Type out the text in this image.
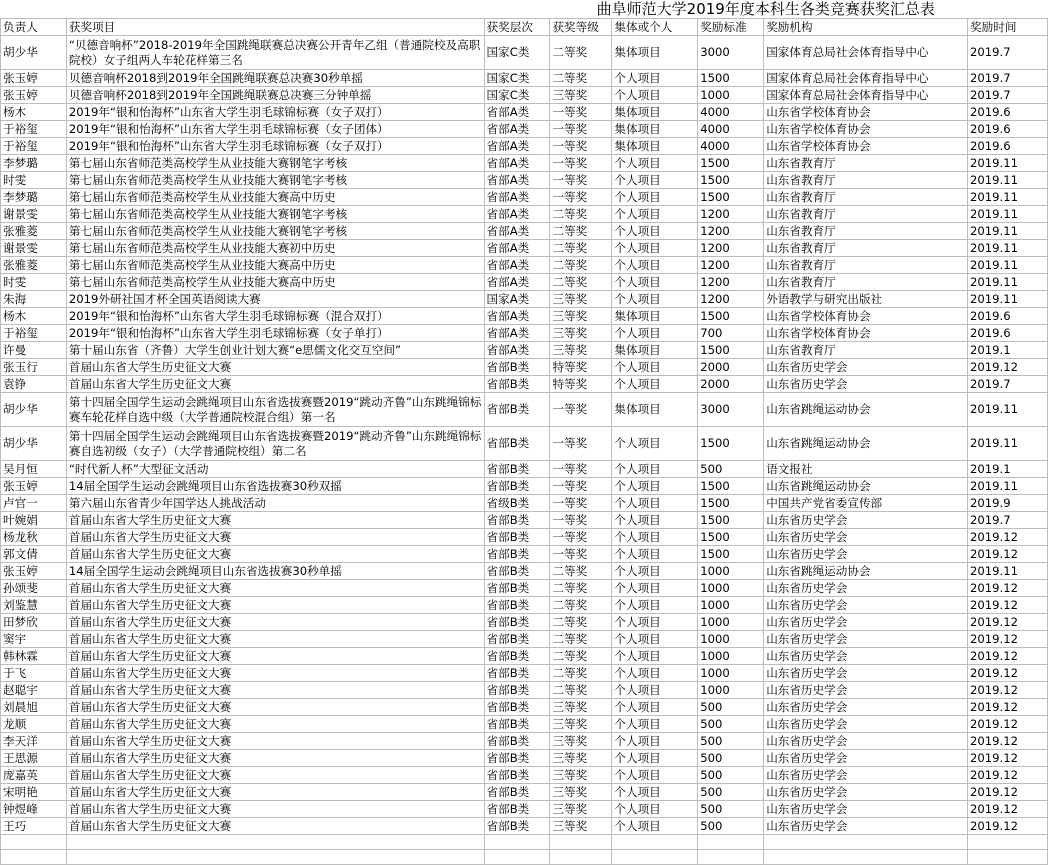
		曲阜师范大学2019年度本科生各类竞赛获奖汇总表					
负责人	获奖项目	获奖层次	获奖等级	集体或个人	奖励标准	奖励机构	奖励时间
胡少华	“贝德音响杯”2018-2019年全国跳绳联赛总决赛公开青年乙组（普通院校及高职院校）女子组两人车轮花样第三名	国家C类	二等奖	集体项目	3000	国家体育总局社会体育指导中心	2019.7
张玉婷	贝德音响杯2018到2019年全国跳绳联赛总决赛30秒单摇	国家C类	二等奖	个人项目	1500	国家体育总局社会体育指导中心	2019.7
张玉婷	贝德音响杯2018到2019年全国跳绳联赛总决赛三分钟单摇	国家C类	三等奖	个人项目	1000	国家体育总局社会体育指导中心	2019.7
杨木	2019年“银和怡海杯”山东省大学生羽毛球锦标赛（女子双打）	省部A类	一等奖	集体项目	4000	山东省学校体育协会	2019.6
于裕玺	2019年“银和怡海杯”山东省大学生羽毛球锦标赛（女子团体）	省部A类	一等奖	集体项目	4000	山东省学校体育协会	2019.6
于裕玺	2019年“银和怡海杯”山东省大学生羽毛球锦标赛（女子双打）	省部A类	一等奖	集体项目	4000	山东省学校体育协会	2019.6
李梦璐	第七届山东省师范类高校学生从业技能大赛钢笔字考核	省部A类	一等奖	个人项目	1500	山东省教育厅	2019.11
时雯	第七届山东省师范类高校学生从业技能大赛钢笔字考核	省部A类	一等奖	个人项目	1500	山东省教育厅	2019.11
李梦璐	第七届山东省师范类高校学生从业技能大赛高中历史	省部A类	一等奖	个人项目	1500	山东省教育厅	2019.11
谢景雯	第七届山东省师范类高校学生从业技能大赛钢笔字考核	省部A类	二等奖	个人项目	1200	山东省教育厅	2019.11
张雅菱	第七届山东省师范类高校学生从业技能大赛钢笔字考核	省部A类	二等奖	个人项目	1200	山东省教育厅	2019.11
谢景雯	第七届山东省师范类高校学生从业技能大赛初中历史	省部A类	二等奖	个人项目	1200	山东省教育厅	2019.11
张雅菱	第七届山东省师范类高校学生从业技能大赛高中历史	省部A类	二等奖	个人项目	1200	山东省教育厅	2019.11
时雯	第七届山东省师范类高校学生从业技能大赛高中历史	省部A类	二等奖	个人项目	1200	山东省教育厅	2019.11
朱海	2019外研社国才杯全国英语阅读大赛	国家A类	三等奖	个人项目	1200	外语教学与研究出版社	2019.11
杨木	2019年“银和怡海杯”山东省大学生羽毛球锦标赛（混合双打）	省部A类	三等奖	集体项目	1500	山东省学校体育协会	2019.6
于裕玺	2019年“银和怡海杯”山东省大学生羽毛球锦标赛（女子单打）	省部A类	三等奖	个人项目	700	山东省学校体育协会	2019.6
许曼	第十届山东省（齐鲁）大学生创业计划大赛“e思儒文化交互空间”	省部A类	三等奖	集体项目	1500	山东省教育厅	2019.1
张玉行	首届山东省大学生历史征文大赛	省部B类	特等奖	个人项目	2000	山东省历史学会	2019.12
袁铮	首届山东省大学生历史征文大赛	省部B类	特等奖	个人项目	2000	山东省历史学会	2019.7
胡少华	第十四届全国学生运动会跳绳项目山东省选拔赛暨2019“跳动齐鲁”山东跳绳锦标赛车轮花样自选中级（大学普通院校混合组）第一名	省部B类	一等奖	集体项目	3000	山东省跳绳运动协会	2019.11
胡少华	第十四届全国学生运动会跳绳项目山东省选拔赛暨2019“跳动齐鲁”山东跳绳锦标赛自选初级（女子）（大学普通院校组）第二名	省部B类	一等奖	个人项目	1500	山东省跳绳运动协会	2019.11
吴月恒	“时代新人杯”大型征文活动	省部B类	一等奖	个人项目	500	语文报社	2019.1
张玉婷	14届全国学生运动会跳绳项目山东省选拔赛30秒双摇	省部B类	一等奖	个人项目	1500	山东省跳绳运动协会	2019.11
卢官一	第六届山东省青少年国学达人挑战活动	省级B类	一等奖	个人项目	1500	中国共产党省委宣传部	2019.9
叶婉娟	首届山东省大学生历史征文大赛	省部B类	一等奖	个人项目	1500	山东省历史学会	2019.7
杨龙秋	首届山东省大学生历史征文大赛	省部B类	一等奖	个人项目	1500	山东省历史学会	2019.12
郭文倩	首届山东省大学生历史征文大赛	省部B类	一等奖	个人项目	1500	山东省历史学会	2019.12
张玉婷	14届全国学生运动会跳绳项目山东省选拔赛30秒单摇	省部B类	二等奖	个人项目	1000	山东省跳绳运动协会	2019.11
孙颂斐	首届山东省大学生历史征文大赛	省部B类	二等奖	个人项目	1000	山东省历史学会	2019.12
刘鉴慧	首届山东省大学生历史征文大赛	省部B类	二等奖	个人项目	1000	山东省历史学会	2019.12
田梦欣	首届山东省大学生历史征文大赛	省部B类	二等奖	个人项目	1000	山东省历史学会	2019.12
窦宇	首届山东省大学生历史征文大赛	省部B类	二等奖	个人项目	1000	山东省历史学会	2019.12
韩林霖	首届山东省大学生历史征文大赛	省部B类	二等奖	个人项目	1000	山东省历史学会	2019.12
于飞	首届山东省大学生历史征文大赛	省部B类	二等奖	个人项目	1000	山东省历史学会	2019.12
赵聪宇	首届山东省大学生历史征文大赛	省部B类	二等奖	个人项目	1000	山东省历史学会	2019.12
刘晨旭	首届山东省大学生历史征文大赛	省部B类	三等奖	个人项目	500	山东省历史学会	2019.12
龙顺	首届山东省大学生历史征文大赛	省部B类	三等奖	个人项目	500	山东省历史学会	2019.12
李天洋	首届山东省大学生历史征文大赛	省部B类	三等奖	个人项目	500	山东省历史学会	2019.12
王思源	首届山东省大学生历史征文大赛	省部B类	三等奖	个人项目	500	山东省历史学会	2019.12
庞嘉英	首届山东省大学生历史征文大赛	省部B类	三等奖	个人项目	500	山东省历史学会	2019.12
宋明艳	首届山东省大学生历史征文大赛	省部B类	三等奖	个人项目	500	山东省历史学会	2019.12
钟煜峰	首届山东省大学生历史征文大赛	省部B类	三等奖	个人项目	500	山东省历史学会	2019.12
王巧	首届山东省大学生历史征文大赛	省部B类	三等奖	个人项目	500	山东省历史学会	2019.12
